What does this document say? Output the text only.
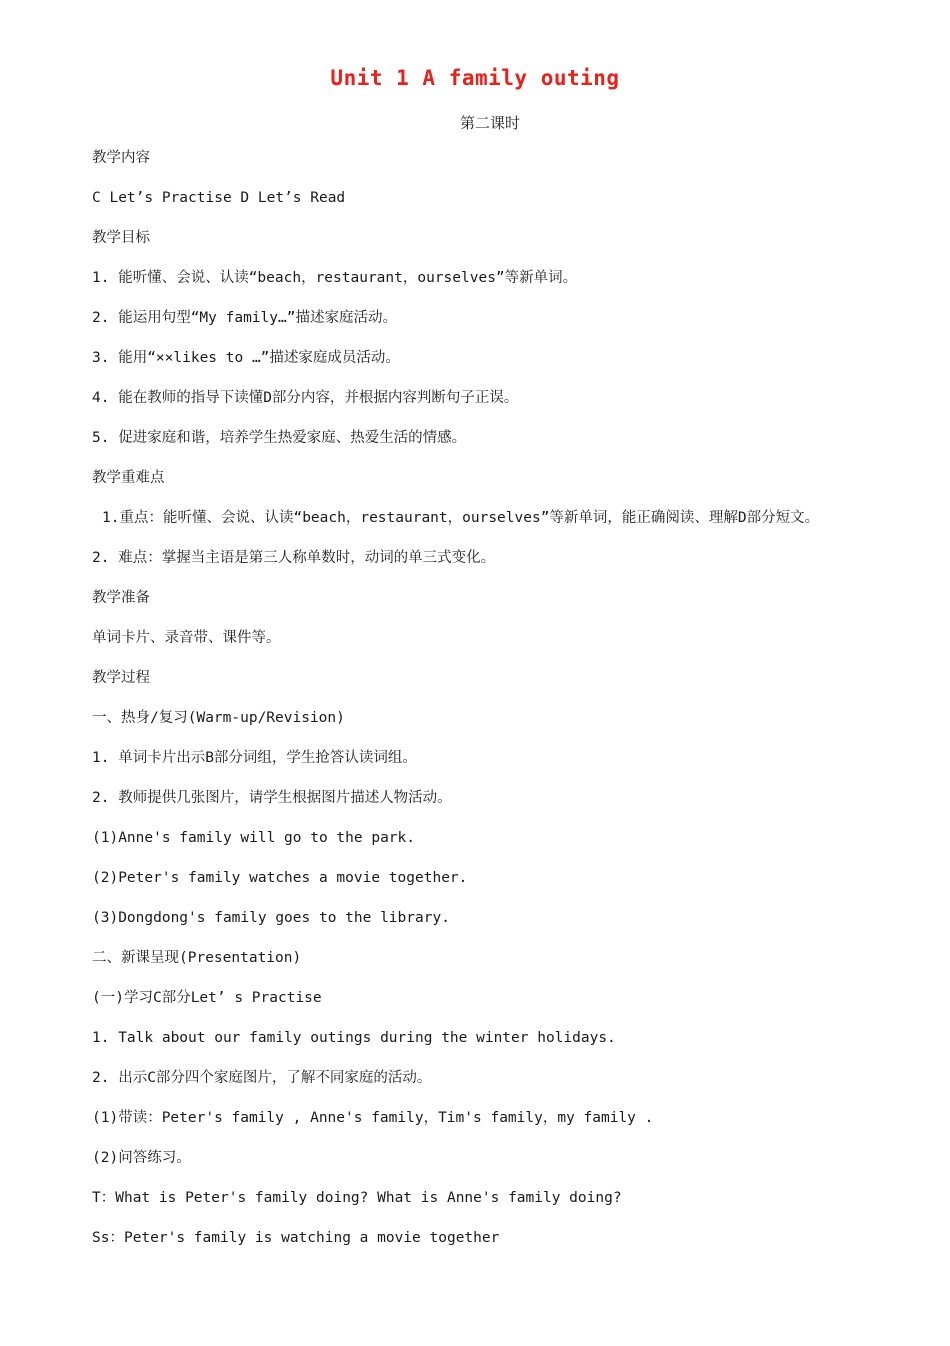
Unit 1 A family outing
第二课时
教学内容
C Let’s Practise D Let’s Read
教学目标
1. 能听懂、会说、认读“beach，restaurant，ourselves”等新单词。
2. 能运用句型“My family…”描述家庭活动。
3. 能用“××likes to …”描述家庭成员活动。
4. 能在教师的指导下读懂D部分内容，并根据内容判断句子正误。
5. 促进家庭和谐，培养学生热爱家庭、热爱生活的情感。
教学重难点
1.重点：能听懂、会说、认读“beach，restaurant，ourselves”等新单词，能正确阅读、理解D部分短文。
2. 难点：掌握当主语是第三人称单数时，动词的单三式变化。
教学准备
单词卡片、录音带、课件等。
教学过程
一、热身/复习(Warm-up/Revision)
1. 单词卡片出示B部分词组，学生抢答认读词组。
2. 教师提供几张图片，请学生根据图片描述人物活动。
(1)Anne's family will go to the park.
(2)Peter's family watches a movie together.
(3)Dongdong's family goes to the library.
二、新课呈现(Presentation)
(一)学习C部分Let’ s Practise
1. Talk about our family outings during the winter holidays.
2. 出示C部分四个家庭图片，了解不同家庭的活动。
(1)带读：Peter's family , Anne's family，Tim's family，my family .
(2)问答练习。
T：What is Peter's family doing? What is Anne's family doing?
Ss：Peter's family is watching a movie together
